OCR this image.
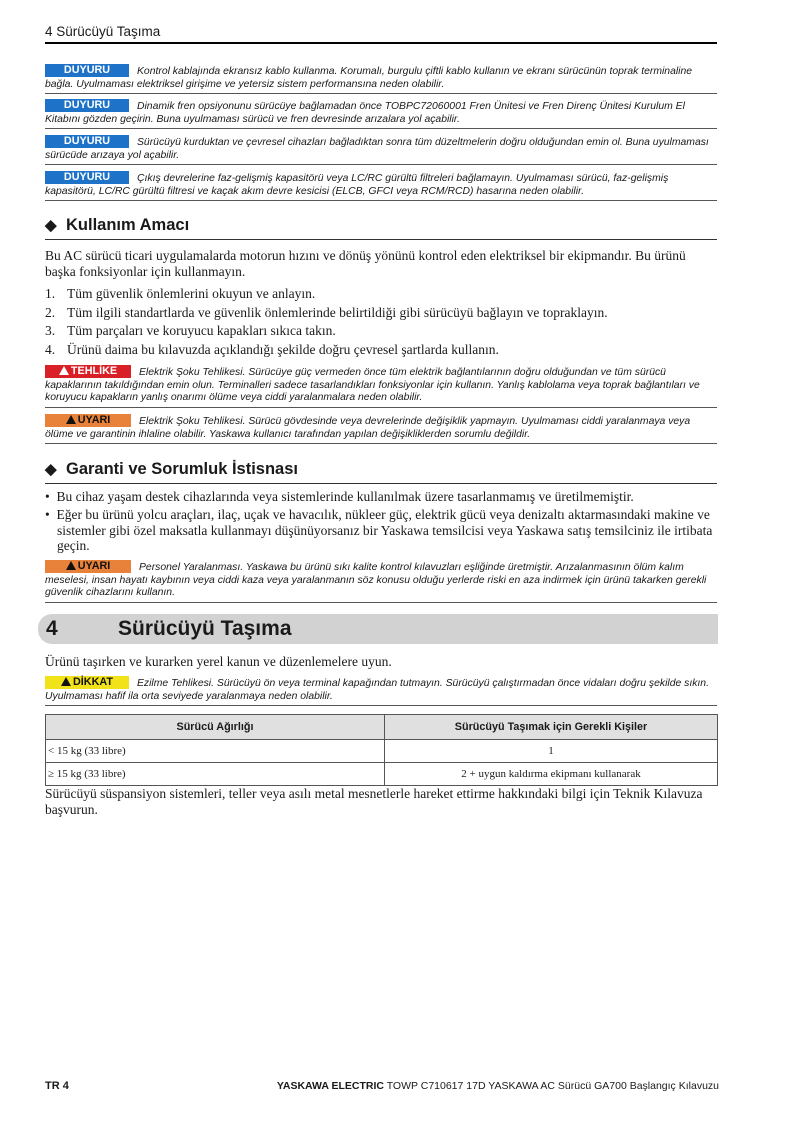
4 Sürücüyü Taşıma
DUYURU	Kontrol kablajında ekransız kablo kullanma. Korumalı, burgulu çiftli kablo kullanın ve ekranı sürücünün toprak terminaline bağla. Uyulmaması elektriksel girişime ve yetersiz sistem performansına neden olabilir.
DUYURU	Dinamik fren opsiyonunu sürücüye bağlamadan önce TOBPC72060001 Fren Ünitesi ve Fren Direnç Ünitesi Kurulum El Kitabını gözden geçirin. Buna uyulmaması sürücü ve fren devresinde arızalara yol açabilir.
DUYURU	Sürücüyü kurduktan ve çevresel cihazları bağladıktan sonra tüm düzeltmelerin doğru olduğundan emin ol. Buna uyulmaması sürücüde arızaya yol açabilir.
DUYURU	Çıkış devrelerine faz-gelişmiş kapasitörü veya LC/RC gürültü filtreleri bağlamayın. Uyulmaması sürücü, faz-gelişmiş kapasitörü, LC/RC gürültü filtresi ve kaçak akım devre kesicisi (ELCB, GFCI veya RCM/RCD) hasarına neden olabilir.
◆ Kullanım Amacı
Bu AC sürücü ticari uygulamalarda motorun hızını ve dönüş yönünü kontrol eden elektriksel bir ekipmandır. Bu ürünü başka fonksiyonlar için kullanmayın.
1. Tüm güvenlik önlemlerini okuyun ve anlayın.
2. Tüm ilgili standartlarda ve güvenlik önlemlerinde belirtildiği gibi sürücüyü bağlayın ve topraklayın.
3. Tüm parçaları ve koruyucu kapakları sıkıca takın.
4. Ürünü daima bu kılavuzda açıklandığı şekilde doğru çevresel şartlarda kullanın.
TEHLİKE Elektrik Şoku Tehlikesi. Sürücüye güç vermeden önce tüm elektrik bağlantılarının doğru olduğundan ve tüm sürücü kapaklarının takıldığından emin olun. Terminalleri sadece tasarlandıkları fonksiyonlar için kullanın. Yanlış kablolama veya toprak bağlantıları ve koruyucu kapakların yanlış onarımı ölüme veya ciddi yaralanmalara neden olabilir.
UYARI	Elektrik Şoku Tehlikesi. Sürücü gövdesinde veya devrelerinde değişiklik yapmayın. Uyulmaması ciddi yaralanmaya veya ölüme ve garantinin ihlaline olabilir. Yaskawa kullanıcı tarafından yapılan değişikliklerden sorumlu değildir.
◆ Garanti ve Sorumluk İstisnası
•  Bu cihaz yaşam destek cihazlarında veya sistemlerinde kullanılmak üzere tasarlanmamış ve üretilmemiştir.
•  Eğer bu ürünü yolcu araçları, ilaç, uçak ve havacılık, nükleer güç, elektrik gücü veya denizaltı aktarmasındaki makine ve sistemler gibi özel maksatla kullanmayı düşünüyorsanız bir Yaskawa temsilcisi veya Yaskawa satış temsilciniz ile irtibata geçin.
UYARI	Personel Yaralanması. Yaskawa bu ürünü sıkı kalite kontrol kılavuzları eşliğinde üretmiştir. Arızalanmasının ölüm kalım meselesi, insan hayatı kaybının veya ciddi kaza veya yaralanmanın söz konusu olduğu yerlerde riski en aza indirmek için ürünü takarken gerekli güvenlik cihazlarını kullanın.
4	Sürücüyü Taşıma
Ürünü taşırken ve kurarken yerel kanun ve düzenlemelere uyun.
DİKKAT Ezilme Tehlikesi. Sürücüyü ön veya terminal kapağından tutmayın. Sürücüyü çalıştırmadan önce vidaları doğru şekilde sıkın. Uyulmaması hafif ila orta seviyede yaralanmaya neden olabilir.
Sürücü Ağırlığı	Sürücüyü Taşımak için Gerekli Kişiler
< 15 kg (33 libre)	1
≥ 15 kg (33 libre)	2 + uygun kaldırma ekipmanı kullanarak
Sürücüyü süspansiyon sistemleri, teller veya asılı metal mesnetlerle hareket ettirme hakkındaki bilgi için Teknik Kılavuza başvurun.
TR 4	YASKAWA ELECTRIC TOWP C710617 17D YASKAWA AC Sürücü GA700 Başlangıç Kılavuzu
